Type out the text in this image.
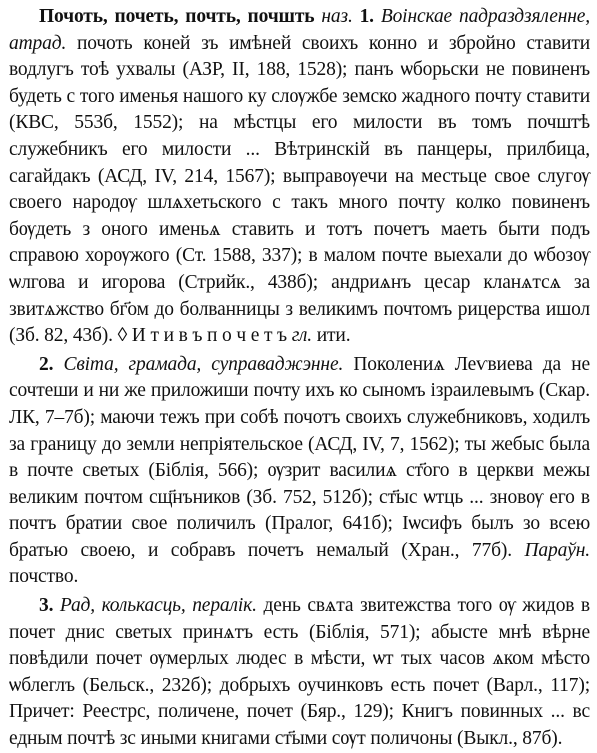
Почоть, почеть, почть, почшть наз. 1. Воінскае падраздзяленне, атрад. почоть коней зъ имѣней своихъ конно и збройно ставити водлугъ тоѣ ухвалы (АЗР, II, 188, 1528); панъ ѡборьски не повиненъ будеть с того именья нашого ку слѹжбе земско жадного почту ставити (КВС, 553б, 1552); на мѣстцы его милости въ томъ почштѣ служебникъ его милости ... Вѣтринскій въ панцеры, прилбица, сагайдакъ (АСД, IV, 214, 1567); выправѹечи на местьце свое слугѹ своего народѹ шлѧхетьского с такъ много почту колко повиненъ бѹдеть з оного именьѧ ставить и тотъ почетъ маеть быти подъ справою хорѹжого (Ст. 1588, 337); в малом почте выехали до ѡбозѹ ѡлгова и игорова (Стрийк., 438б); андриѧнъ цесар кланѧтсѧ за звитѧжство бг҃ом до болванницы з великимъ почтомъ рицерства ишол (Зб. 82, 43б). ◊ И т и в ъ п о ч е т ъ гл. ити.

2. Світа, грамада, суправаджэнне. Поколениѧ Леѵвиева да не сочтеши и ни же приложиши почту ихъ ко сыномъ ізраилевымъ (Скар. ЛК, 7–7б); маючи тежъ при собѣ почотъ своихъ служебниковъ, ходилъ за границу до земли непріятельское (АСД, IV, 7, 1562); ты жебыс была в почте светых (Біблія, 566); ѹзрит василиѧ ст҃ого в церкви межы великим почтом сщ҃нъников (Зб. 752, 512б); ст҃ыс ѡтць ... зновѹ его в почтъ братии свое поличилъ (Пралог, 641б); Іѡсифъ былъ зо всею братью своею, и собравъ почетъ немалый (Хран., 77б). Параўн. почство.

3. Рад, колькасць, пералік. день свѧта звитежства того ѹ жидов в почет днис светых принѧтъ есть (Біблія, 571); абысте мнѣ вѣрне повѣдили почет ѹмерлых людес в мѣсти, ѡт тых часов ѧком мѣсто ѡблеглъ (Бельск., 232б); добрыхъ оучинковъ есть почет (Варл., 117); Причет: Реестрс, поличене, почет (Бяр., 129); Книгъ повинных ... вс едным почтѣ зс иными книгами ст҃ыми сѹт поличоны (Выкл., 87б).
